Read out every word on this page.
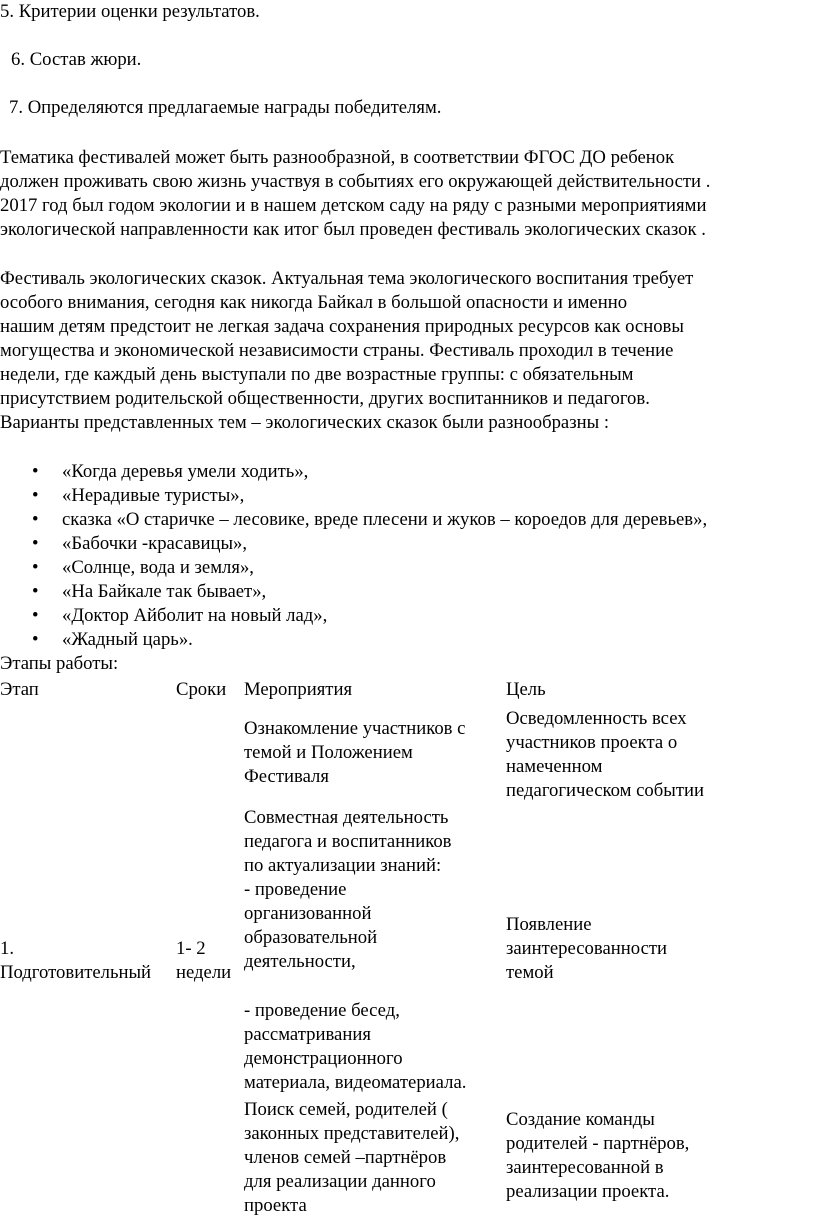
5. Критерии оценки результатов.
6. Состав жюри.
7. Определяются предлагаемые награды победителям.
Тематика фестивалей может быть разнообразной, в соответствии ФГОС ДО ребенок
должен проживать свою жизнь участвуя в событиях его окружающей действительности .
2017 год был годом экологии и в нашем детском саду на ряду с разными мероприятиями
экологической направленности как итог был проведен фестиваль экологических сказок .
Фестиваль экологических сказок. Актуальная тема экологического воспитания требует
особого внимания, сегодня как никогда Байкал в большой опасности и именно
нашим детям предстоит не легкая задача сохранения природных ресурсов как основы
могущества и экономической независимости страны. Фестиваль проходил в течение
недели, где каждый день выступали по две возрастные группы: с обязательным
присутствием родительской общественности, других воспитанников и педагогов.
Варианты представленных тем – экологических сказок были разнообразны :
• «Когда деревья умели ходить»,
• «Нерадивые туристы»,
• сказка «О старичке – лесовике, вреде плесени и жуков – короедов для деревьев»,
• «Бабочки -красавицы»,
• «Солнце, вода и земля»,
• «На Байкале так бывает»,
• «Доктор Айболит на новый лад»,
• «Жадный царь».
Этапы работы:
Этап	Сроки Мероприятия	Цель
1.
Подготовительный
1- 2
недели
Ознакомление участников с
темой и Положением
Фестиваля
Совместная деятельность
педагога и воспитанников
по актуализации знаний:
- проведение
организованной
образовательной
деятельности,
- проведение бесед,
рассматривания
демонстрационного
материала, видеоматериала.
Поиск семей, родителей (
законных представителей),
членов семей –партнёров
для реализации данного
проекта
Осведомленность всех
участников проекта о
намеченном
педагогическом событии
Появление
заинтересованности
темой
Создание команды
родителей - партнёров,
заинтересованной в
реализации проекта.
